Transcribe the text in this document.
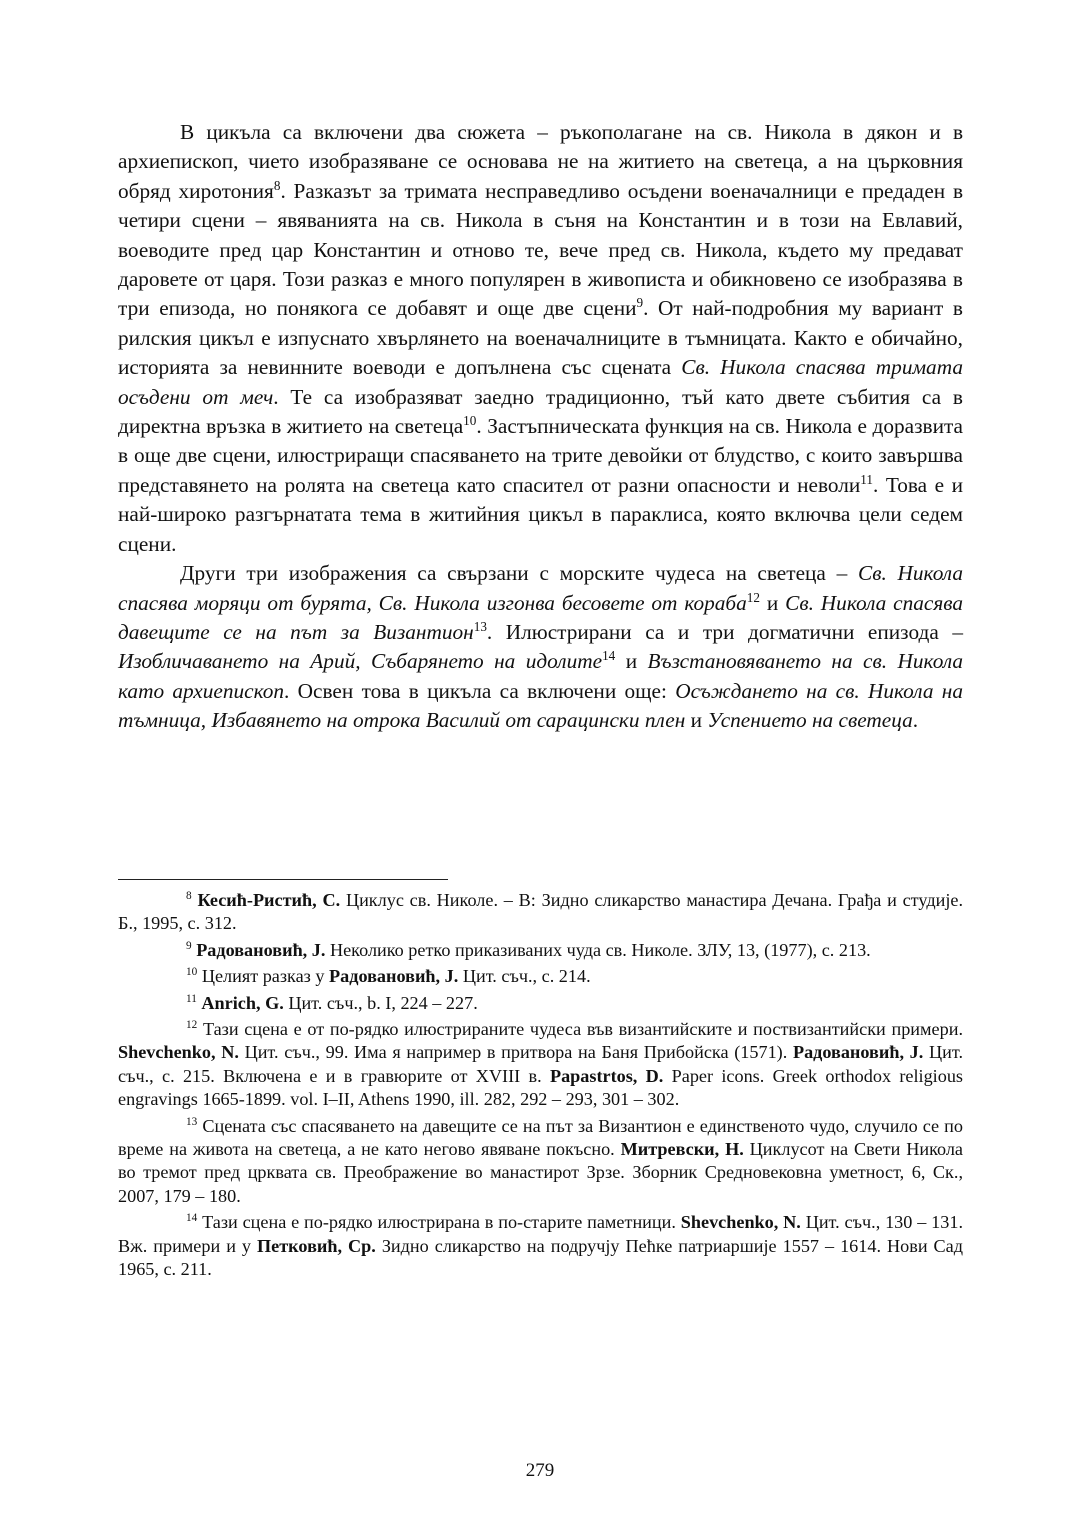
В цикъла са включени два сюжета – ръкополагане на св. Никола в дякон и в архиепископ, чието изобразяване се основава не на житието на светеца, а на църковния обряд хиротония$^8$. Разказът за тримата несправедливо осъдени военачалници е предаден в четири сцени – явяванията на св. Никола в съня на Константин и в този на Евлавий, воеводите пред цар Константин и отново те, вече пред св. Никола, където му предават даровете от царя. Този разказ е много популярен в живописта и обикновено се изобразява в три епизода, но понякога се добавят и още две сцени$^9$. От най-подробния му вариант в рилския цикъл е изпуснато хвърлянето на военачалниците в тъмницата. Както е обичайно, историята за невинните воеводи е допълнена със сцената Св. Никола спасява тримата осъдени от меч. Те са изобразяват заедно традиционно, тъй като двете събития са в директна връзка в житието на светеца$^{10}$. Застъпническата функция на св. Никола е доразвита в още две сцени, илюстриращи спасяването на трите девойки от блудство, с които завършва представянето на ролята на светеца като спасител от разни опасности и неволи$^{11}$. Това е и най-широко разгърнатата тема в житийния цикъл в параклиса, която включва цели седем сцени.

Други три изображения са свързани с морските чудеса на светеца – Св. Никола спасява моряци от бурята, Св. Никола изгонва бесовете от кораба$^{12}$ и Св. Никола спасява давещите се на път за Византион$^{13}$. Илюстрирани са и три догматични епизода – Изобличаването на Арий, Събарянето на идолите$^{14}$ и Възстановяването на св. Никола като архиепископ. Освен това в цикъла са включени още: Осъждането на св. Никола на тъмница, Избавянето на отрока Василий от сарацински плен и Успението на светеца.

$^8$ Кесић-Ристић, С. Циклус св. Николе. – В: Зидно сликарство манастира Дечана. Грађа и студије. Б., 1995, с. 312.

$^9$ Радовановић, Ј. Неколико ретко приказиваних чуда св. Николе. ЗЛУ, 13, (1977), с. 213.

$^{10}$ Целият разказ у Радовановић, Ј. Цит. съч., с. 214.

$^{11}$ Anrich, G. Цит. съч., b. I, 224 – 227.

$^{12}$ Тази сцена е от по-рядко илюстрираните чудеса във византийските и поствизантийски примери. Shevchenko, N. Цит. съч., 99. Има я например в притвора на Баня Прибойска (1571). Радовановић, Ј. Цит. съч., с. 215. Включена е и в гравюрите от XVIII в. Papastrtos, D. Paper icons. Greek orthodox religious engravings 1665-1899. vol. I–II, Athens 1990, ill. 282, 292 – 293, 301 – 302.

$^{13}$ Сцената със спасяването на давещите се на път за Византион е единственото чудо, случило се по време на живота на светеца, а не като негово явяване покъсно. Митревски, Н. Циклусот на Свети Никола во тремот пред црквата св. Преображение во манастирот Зрзе. Зборник Средновековна уметност, 6, Ск., 2007, 179 – 180.

$^{14}$ Тази сцена е по-рядко илюстрирана в по-старите паметници. Shevchenko, N. Цит. съч., 130 – 131. Вж. примери и у Петковић, Ср. Зидно сликарство на подручју Пећке патриаршије 1557 – 1614. Нови Сад 1965, с. 211.

279
